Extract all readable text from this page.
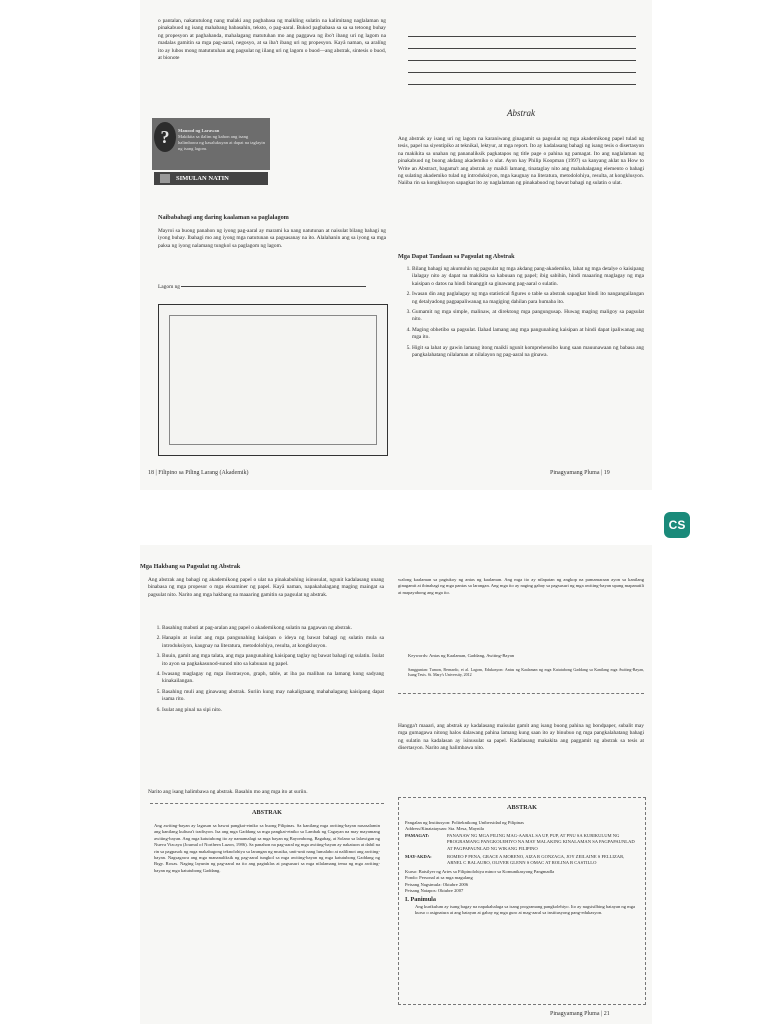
o pantalan, nakatutulong nang malaki ang pagbabasa ng maikling sulatin na kalimitang naglalaman ng pinakabuod ng isang mahabang babasahin, teksto, o pag-aaral. Bukod pagbabasa sa sa sa tetoong buhay ng propesyon at paghahanda, mahalagang matutuhan mo ang paggawa ng ibo't ibang uri ng lagom na madalas gamitin sa mga pag-aaral, negosyo, at sa iba't ibang uri ng propesyon. Kayâ naman, sa aralíng ito ay lubos mong matututuhan ang pagsulat ng iilang uri ng lagom o buod—ang abstrak, sintesis o buod, at bionote
?	Manood ng Larawan
Makikita sa ilalim ng kahon ang isang halimbawa ng kasalukuyan at dapat na taglayin ng isang lagom.
SIMULAN NATIN
Naibabahagi ang daring kaalaman sa paglalagom
Mayroi sa buong panahon ng iyong pag-aaral ay marami ka nang natutunan at naisulat bilang bahagi ng iyong buhay. Ibahagi mo ang iyong mga natutunan sa pagsasanay na ito. Alalahanin ang sa iyong sa mga paksa ng iyong nalamang tungkol sa paglagom ng lagom.
Lagom ng
18 | Filipino sa Piling Larang (Akademik)
Abstrak
Ang abstrak ay isang uri ng lagom na karaniwang ginagamit sa pagsulat ng mga akademikong papel tulad ng tesis, papel na siyentipiko at teknikal, lektyur, at mga report. Ito ay kadalasang bahagi ng isang tesis o disertasyon na makikita sa unahan ng pananaliksik pagkatapos ng title page o pahina ng pamagat. Ito ang naglalaman ng pinakabuod ng buong akdang akademiko o ulat. Ayon kay Philip Koopman (1997) sa kanyang aklat na How to Write an Abstract, bagama't ang abstrak ay maikli lamang, tinataglay nito ang mahahalagang elemento o bahagi ng sulating akademiko tulad ng introduksiyon, mga kaugnay na literatura, metodolohiya, resulta, at kongklusyon. Naiiba rin sa kongklusyon sapagkat ito ay naglalaman ng pinakabuod ng bawat bahagi ng sulatin o ulat.
Mga Dapat Tandaan sa Pagsulat ng Abstrak
1. Bilang bahagi ng akumuhin ng pagsulat ng mga akdang pang-akademiko, lahat ng mga detalye o kaisipang ilalagay nito ay dapat na makikita sa kabuuan ng papel; ibig sabihin, hindi maaaring maglagay ng mga kaisipan o datos na hindi binanggit sa ginawang pag-aaral o sulatin.
2. Iwasan din ang paglalagay ng mga statistical figures o table sa abstrak sapagkat hindi ito nangangailangan ng detalyadong pagpapaliwanag na magiging dahilan para humaba ito.
3. Gumamit ng mga simple, malinaw, at direktong mga pangungusap. Huwag maging maligoy sa pagsulat nito.
4. Maging obhetibo sa pagsulat. Ilahad lamang ang mga pangunahing kaisipan at hindi dapat ipaliwanag ang mga ito.
5. Higit sa lahat ay gawin lamang itong maikli ngunit komprehensibo kung saan mauunawaan ng babasa ang pangkalahatang nilalaman at nilalayon ng pag-aaral na ginawa.
Pinagyamang Pluma | 19
CS
Mga Hakbang sa Pagsulat ng Abstrak
Ang abstrak ang bahagi ng akademikong papel o ulat na pinakabuhing isinusulat, ngunit kadalasang unang binabasa ng mga propesor o mga eksaminer ng papel. Kayâ naman, napakahalagang maging maingat sa pagsulat nito. Narito ang mga hakbang na maaaring gamitin sa pagsulat ng abstrak.
1. Basahing mabuti at pag-aralan ang papel o akademikong sulatin na gagawan ng abstrak.
2. Hanapin at isulat ang mga pangunahing kaisipan o ideya ng bawat bahagi ng sulatin mula sa introduksiyon, kaugnay na literatura, metodolohiya, resulta, at kongklusyon.
3. Buuin, gamit ang mga talata, ang mga pangunahing kaisipang taglay ng bawat bahagi ng sulatin. Isulat ito ayon sa pagkakasunod-sunod nito sa kabuuan ng papel.
4. Iwasang maglagay ng mga ilustrasyon, graph, table, at iba pa maliban na lamang kung sadyang kinakailangan.
5. Basahing muli ang ginawang abstrak. Suriin kung may nakaligtaang mahahalagang kaisipang dapat isama rito.
6. Isulat ang pinal na sipi nito.
Narito ang isang halimbawa ng abstrak. Basahin mo ang mga ito at suriin.
ABSTRAK
Ang awiting-bayan ay lagusan sa bawat pangkat-etniko sa buong Pilipinas. Sa kanilang mga awiting-bayan nasasalamin ang kanilang kultura't tradisyon. Isa ang mga Gaddang sa mga pangkat-etniko sa Lambak ng Cagayan na may mayamang awiting-bayan. Ang mga katutubong ito ay namamalagi sa mga bayan ng Bayombong, Bagabag, at Solano sa lalawigan ng Nueva Vizcaya (Journal of Northern Luzon, 1986). Sa panahon na pag-aaral ng mga awiting-bayan ay nakatuon at dahil na rin sa pagpasok ng mga makabagong teknolohiya sa larangan ng musika, unti-unti nang lumalabo at nalilimot ang awiting-bayan. Nagsagawa ang mga mananaliksik ng pag-aaral tungkol sa mga awiting-bayan ng mga katutubong Gaddang ng Brgy. Roxas. Naging layunin ng pag-aaral na ito ang pagtuklas at pagsusuri sa mga nilalamang tema ng mga awiting-bayan ng mga katutubong Gaddang.
walong kaalaman sa pagtukoy ng antas ng kaalaman. Ang mga ito ay nilapatan ng angkop na pamamaraan ayon sa kanilang ginagamit at ibinahagi ng mga pantas sa larangan. Ang mga ito ay naging gabay sa pagsusuri ng mga awiting-bayan upang mapanatili at mapayabong ang mga ito.
Keywords: Antas ng Kaalaman, Gaddang, Awiting-Bayan
Sanggunian: Tumon, Bernardo, et al. Lagom, Edukasyon: Antas ng Kaalaman ng mga Katutubong Gaddang sa Kanilang mga Awiting-Bayan, Isang Tesis. St. Mary's University, 2012
Hangga't maaari, ang abstrak ay kadalasang maisulat gamit ang isang buong pahina ng bondpaper, subalit may mga gumagawa nitong halos dalawang pahina lamang kung saan ito ay binubuo ng mga pangkalahatang bahagi ng sulatin na kadalasan ay isinusulat sa papel. Kadalasang makakita ang paggamit ng abstrak sa tesis at disertasyon. Narito ang halimbawa nito.
ABSTRAK
Pangalan ng Institusyon: Politeknikong Unibersidad ng Pilipinas
Address/Kinatatayuan: Sta. Mesa, Maynila
PAMAGAT:	PANANAW NG MGA PILING MAG-AARAL SA UP, PUP, AT PNU SA KURIKULUM NG PROGRAMANG PANGKOLEHIYO NA MAY MALAKING KINALAMAN SA PAGPAPAUNLAD AT PAGPAPAUNLAD NG WIKANG FILIPINO
MAY-AKDA:	ROMEO P PENA, GRACE A MORENO, AIZA R GONZAGA, JOY ZEILAINE S FELLIZAR, ARNEL C BALAURO, OLIVER GLENN S OMAC AT ROLINA B CASTILLO
Kurso: Batsilyer ng Artes sa Filipinolohiya minor sa Komunikasyong Pangmadla
Pondo: Personal at sa mga magulang
Petsang Nagsimula: Oktubre 2006
Petsang Natapos: Oktubre 2007
I. Panimula
Ang kurikulum ay isang bagay na napakahalaga sa isang programang pangkolehiyo. Ito ay nagsisilbing batayan ng mga kurso o asignatura at ang batayan at gabay ng mga guro at mag-aaral sa institusyong pang-edukasyon.
Pinagyamang Pluma | 21
